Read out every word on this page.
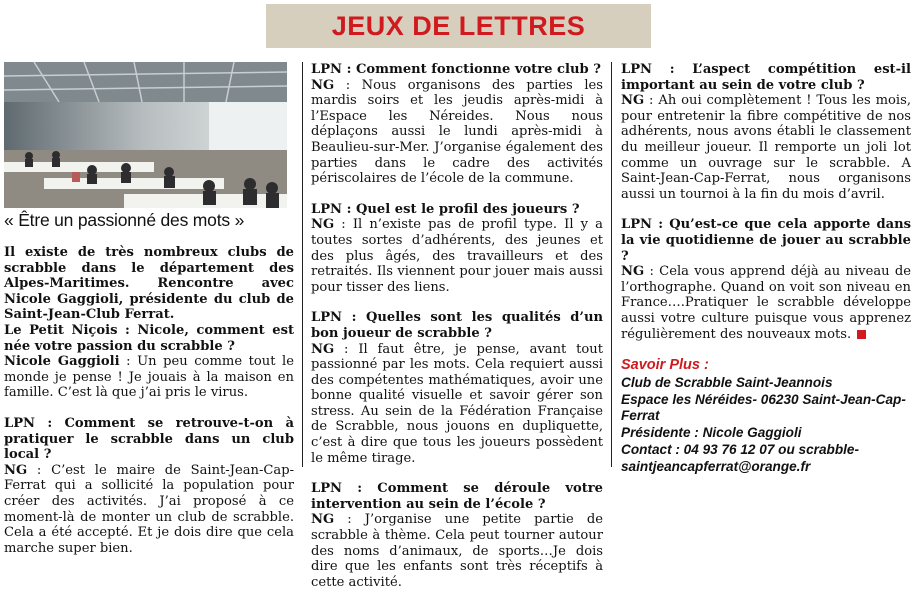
JEUX DE LETTRES
« Être un passionné des mots »

Il existe de très nombreux clubs de scrabble dans le département des Alpes-Maritimes. Rencontre avec Nicole Gaggioli, présidente du club de Saint-Jean-Club Ferrat.

Le Petit Niçois : Nicole, comment est née votre passion du scrabble ?

Nicole Gaggioli : Un peu comme tout le monde je pense ! Je jouais à la maison en famille. C’est là que j’ai pris le virus.

LPN : Comment se retrouve-t-on à pratiquer le scrabble dans un club local ?

NG : C’est le maire de Saint-Jean-Cap-Ferrat qui a sollicité la population pour créer des activités. J’ai proposé à ce moment-là de monter un club de scrabble. Cela a été accepté. Et je dois dire que cela marche super bien.

LPN : Comment fonctionne votre club ?

NG : Nous organisons des parties les mardis soirs et les jeudis après-midi à l’Espace les Néreides. Nous nous déplaçons aussi le lundi après-midi à Beaulieu-sur-Mer. J’organise également des parties dans le cadre des activités périscolaires de l’école de la commune.

LPN : Quel est le profil des joueurs ?

NG : Il n’existe pas de profil type. Il y a toutes sortes d’adhérents, des jeunes et des plus âgés, des travailleurs et des retraités. Ils viennent pour jouer mais aussi pour tisser des liens.

LPN : Quelles sont les qualités d’un bon joueur de scrabble ?

NG : Il faut être, je pense, avant tout passionné par les mots. Cela requiert aussi des compétentes mathématiques, avoir une bonne qualité visuelle et savoir gérer son stress. Au sein de la Fédération Française de Scrabble, nous jouons en dupliquette, c’est à dire que tous les joueurs possèdent le même tirage.

LPN : Comment se déroule votre intervention au sein de l’école ?

NG : J’organise une petite partie de scrabble à thème. Cela peut tourner autour des noms d’animaux, de sports…Je dois dire que les enfants sont très réceptifs à cette activité.

LPN : L’aspect compétition est-il important au sein de votre club ?

NG : Ah oui complètement ! Tous les mois, pour entretenir la fibre compétitive de nos adhérents, nous avons établi le classement du meilleur joueur. Il remporte un joli lot comme un ouvrage sur le scrabble. A Saint-Jean-Cap-Ferrat, nous organisons aussi un tournoi à la fin du mois d’avril.

LPN : Qu’est-ce que cela apporte dans la vie quotidienne de jouer au scrabble ?

NG : Cela vous apprend déjà au niveau de l’orthographe. Quand on voit son niveau en France….Pratiquer le scrabble développe aussi votre culture puisque vous apprenez régulièrement des nouveaux mots.

Savoir Plus :
Club de Scrabble Saint-Jeannois
Espace les Néréides- 06230 Saint-Jean-Cap-Ferrat
Présidente : Nicole Gaggioli
Contact : 04 93 76 12 07 ou scrabble-saintjeancapferrat@orange.fr
